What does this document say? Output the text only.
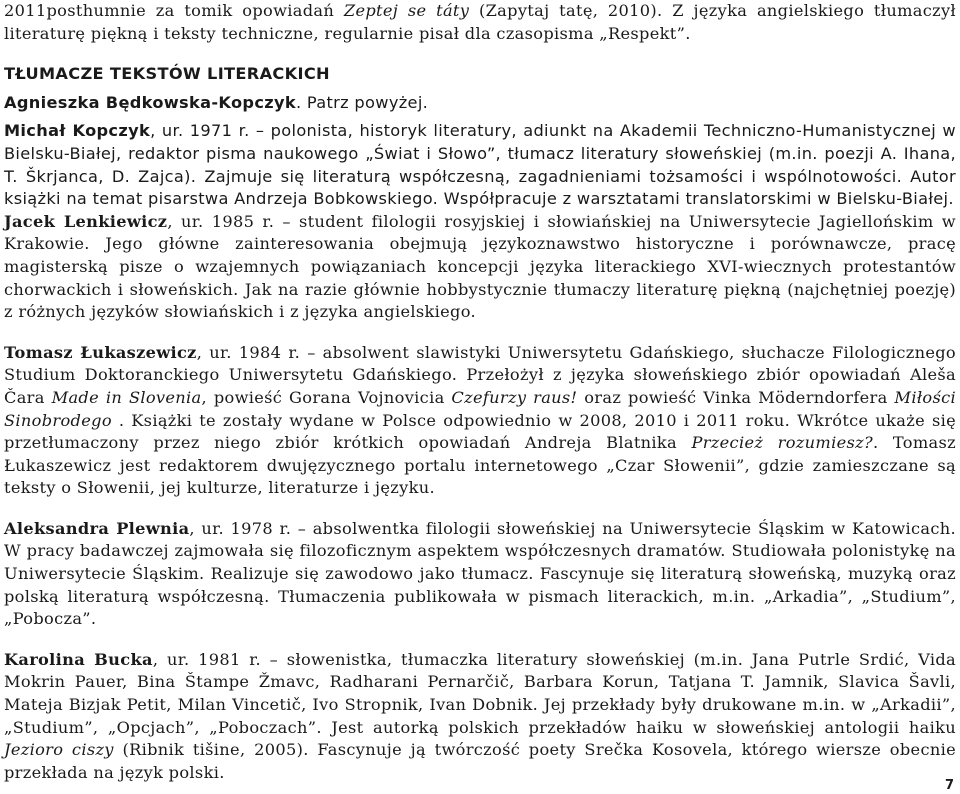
2011posthumnie za tomik opowiadań Zeptej se táty (Zapytaj tatę, 2010). Z języka angielskiego tłumaczył literaturę piękną i teksty techniczne, regularnie pisał dla czasopisma „Respekt”.

TŁUMACZE TEKSTÓW LITERACKICH

Agnieszka Będkowska-Kopczyk. Patrz powyżej.

Michał Kopczyk, ur. 1971 r. – polonista, historyk literatury, adiunkt na Akademii Techniczno-Humanistycznej w Bielsku-Białej, redaktor pisma naukowego „Świat i Słowo”, tłumacz literatury słoweńskiej (m.in. poezji A. Ihana, T. Škrjanca, D. Zajca). Zajmuje się literaturą współczesną, zagadnieniami tożsamości i wspólnotowości. Autor książki na temat pisarstwa Andrzeja Bobkowskiego. Współpracuje z warsztatami translatorskimi w Bielsku-Białej.

Jacek Lenkiewicz, ur. 1985 r. – student filologii rosyjskiej i słowiańskiej na Uniwersytecie Jagiellońskim w Krakowie. Jego główne zainteresowania obejmują językoznawstwo historyczne i porównawcze, pracę magisterską pisze o wzajemnych powiązaniach koncepcji języka literackiego XVI-wiecznych protestantów chorwackich i słoweńskich. Jak na razie głównie hobbystycznie tłumaczy literaturę piękną (najchętniej poezję) z różnych języków słowiańskich i z języka angielskiego.

Tomasz Łukaszewicz, ur. 1984 r. – absolwent slawistyki Uniwersytetu Gdańskiego, słuchacze Filologicznego Studium Doktoranckiego Uniwersytetu Gdańskiego. Przełożył z języka słoweńskiego zbiór opowiadań Aleša Čara Made in Slovenia, powieść Gorana Vojnovicia Czefurzy raus! oraz powieść Vinka Möderndorfera Miłości Sinobrodego . Książki te zostały wydane w Polsce odpowiednio w 2008, 2010 i 2011 roku. Wkrótce ukaże się przetłumaczony przez niego zbiór krótkich opowiadań Andreja Blatnika Przecież rozumiesz?. Tomasz Łukaszewicz jest redaktorem dwujęzycznego portalu internetowego „Czar Słowenii”, gdzie zamieszczane są teksty o Słowenii, jej kulturze, literaturze i języku.

Aleksandra Plewnia, ur. 1978 r. – absolwentka filologii słoweńskiej na Uniwersytecie Śląskim w Katowicach. W pracy badawczej zajmowała się filozoficznym aspektem współczesnych dramatów. Studiowała polonistykę na Uniwersytecie Śląskim. Realizuje się zawodowo jako tłumacz. Fascynuje się literaturą słoweńską, muzyką oraz polską literaturą współczesną. Tłumaczenia publikowała w pismach literackich, m.in. „Arkadia”, „Studium”, „Pobocza”.

Karolina Bucka, ur. 1981 r. – słowenistka, tłumaczka literatury słoweńskiej (m.in. Jana Putrle Srdić, Vida Mokrin Pauer, Bina Štampe Žmavc, Radharani Pernarčič, Barbara Korun, Tatjana T. Jamnik, Slavica Šavli, Mateja Bizjak Petit, Milan Vincetič, Ivo Stropnik, Ivan Dobnik. Jej przekłady były drukowane m.in. w „Arkadii”, „Studium”, „Opcjach”, „Poboczach”. Jest autorką polskich przekładów haiku w słoweńskiej antologii haiku Jezioro ciszy (Ribnik tišine, 2005). Fascynuje ją twórczość poety Srečka Kosovela, którego wiersze obecnie przekłada na język polski.

7
